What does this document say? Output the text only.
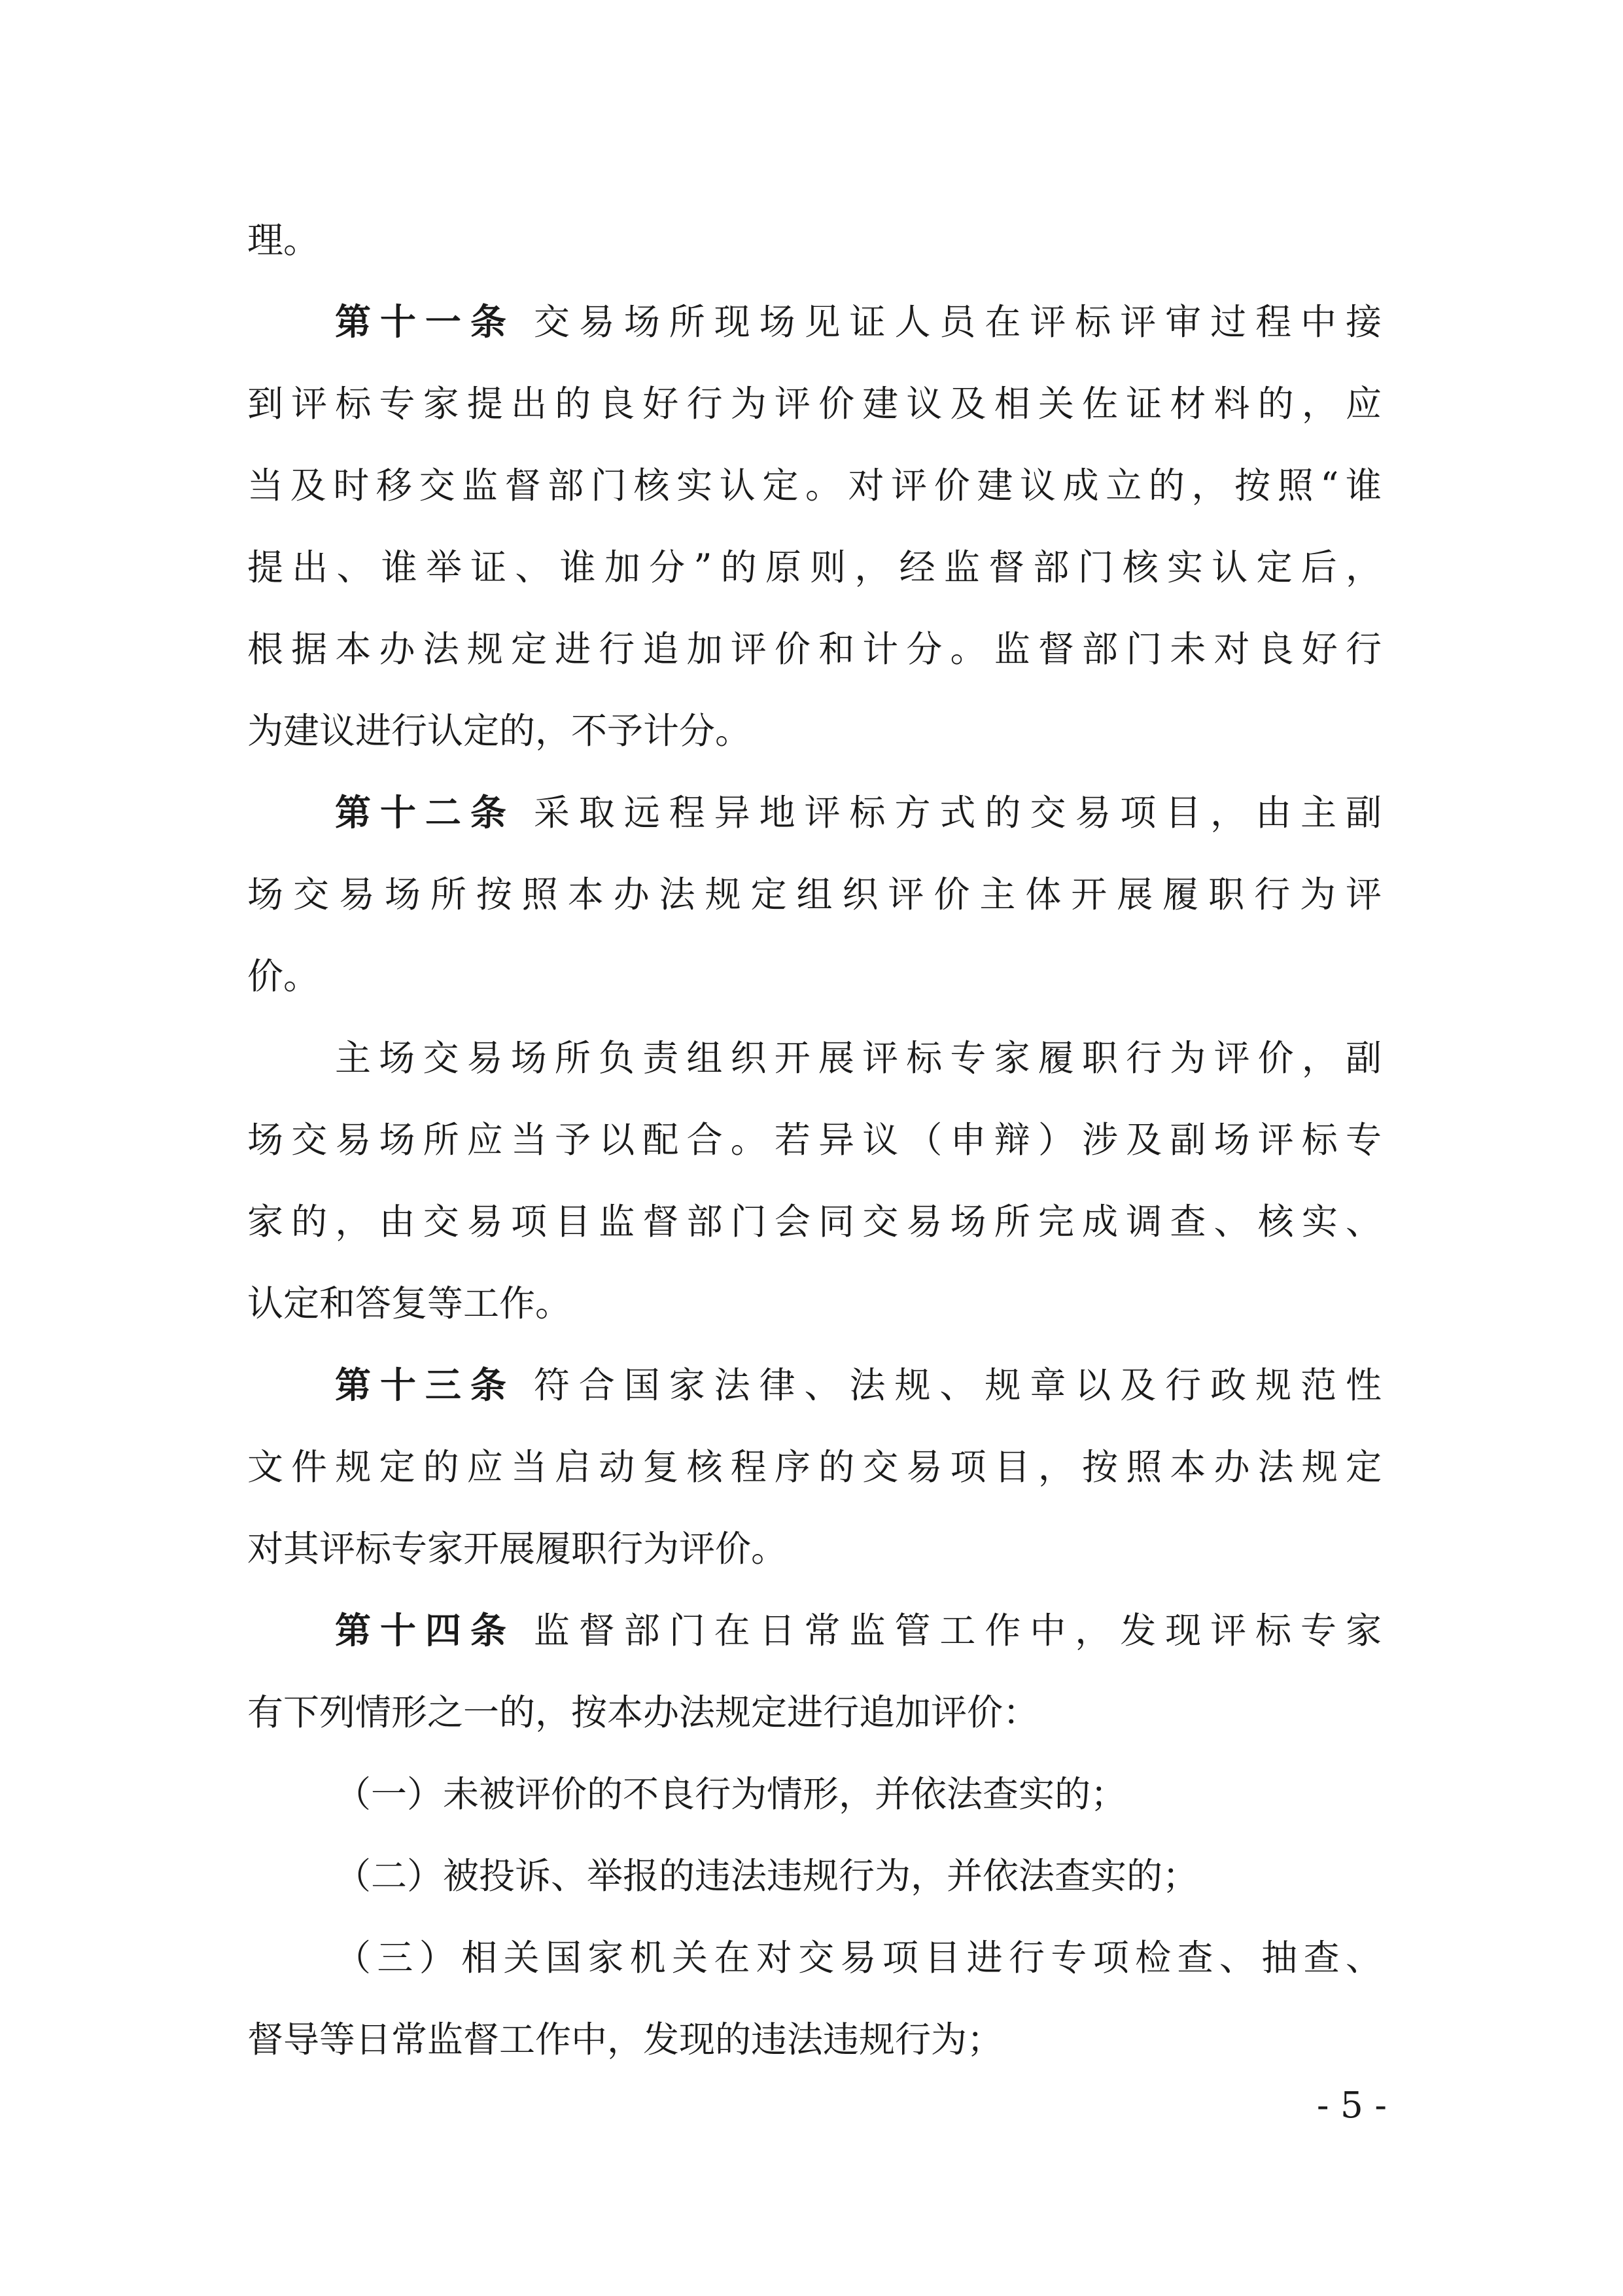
理。
第十一条 交易场所现场见证人员在评标评审过程中接
到评标专家提出的良好行为评价建议及相关佐证材料的，应
当及时移交监督部门核实认定。对评价建议成立的，按照“谁
提出、谁举证、谁加分”的原则，经监督部门核实认定后，
根据本办法规定进行追加评价和计分。监督部门未对良好行
为建议进行认定的，不予计分。
第十二条 采取远程异地评标方式的交易项目，由主副
场交易场所按照本办法规定组织评价主体开展履职行为评
价。
主场交易场所负责组织开展评标专家履职行为评价，副
场交易场所应当予以配合。若异议（申辩）涉及副场评标专
家的，由交易项目监督部门会同交易场所完成调查、核实、
认定和答复等工作。
第十三条 符合国家法律、法规、规章以及行政规范性
文件规定的应当启动复核程序的交易项目，按照本办法规定
对其评标专家开展履职行为评价。
第十四条 监督部门在日常监管工作中，发现评标专家
有下列情形之一的，按本办法规定进行追加评价：
（一）未被评价的不良行为情形，并依法查实的；
（二）被投诉、举报的违法违规行为，并依法查实的；
（三）相关国家机关在对交易项目进行专项检查、抽查、
督导等日常监督工作中，发现的违法违规行为；
- 5 -
